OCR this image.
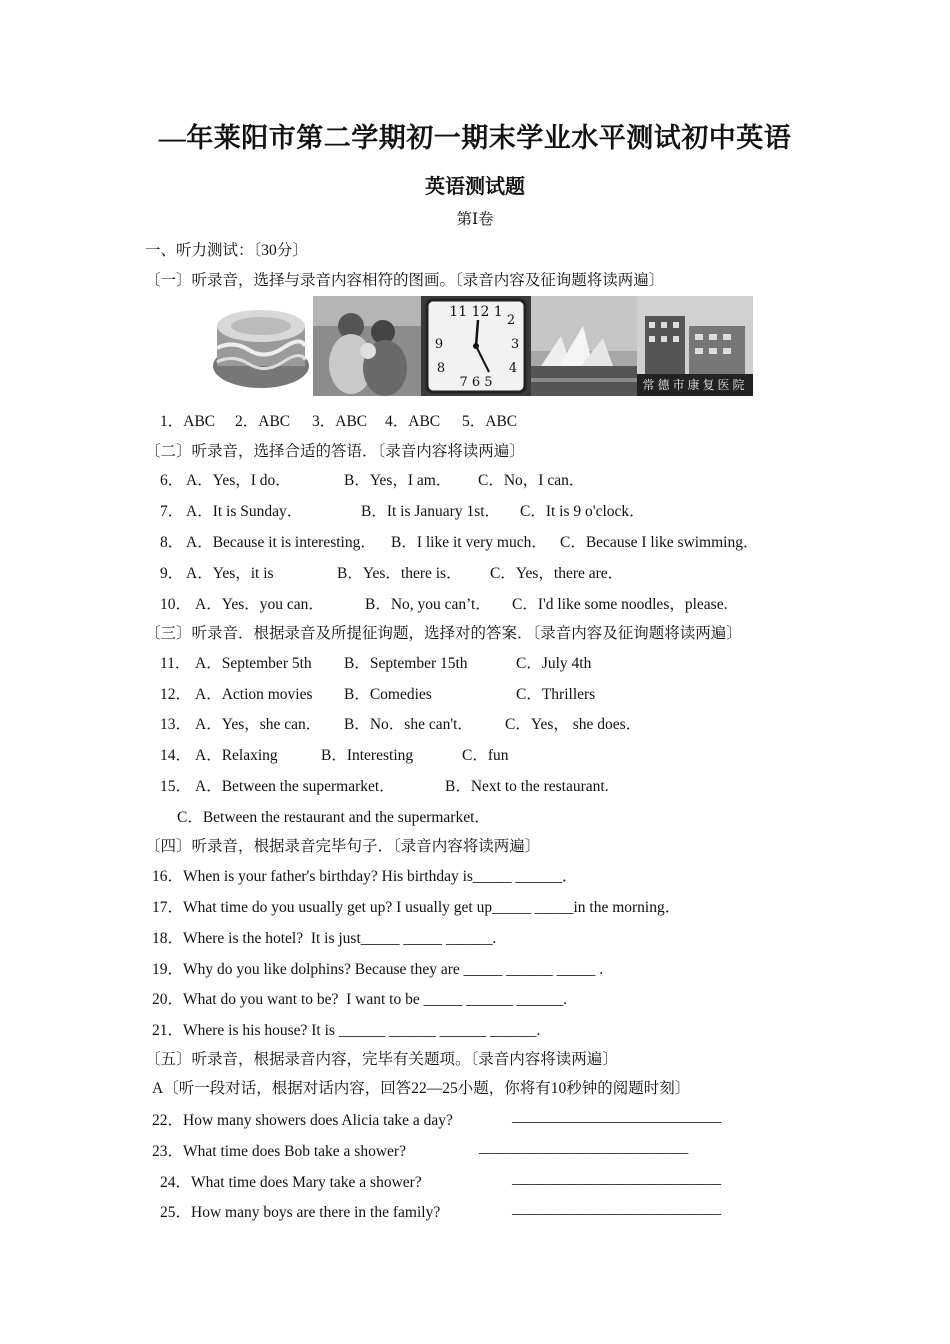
—年莱阳市第二学期初一期末学业水平测试初中英语
英语测试题
第Ⅰ卷
一、听力测试：〔30分〕
〔一〕听录音，选择与录音内容相符的图画。〔录音内容及征询题将读两遍〕
11 12 1
2
9	3
8	4
7 6 5	常德市康复医院
1．ABC 2．ABC 3．ABC 4．ABC 5．ABC
〔二〕听录音，选择合适的答语．〔录音内容将读两遍〕
6． A．Yes，I do．	B．Yes，I am． C．No，I can．
7． A．It is Sunday．	B．It is January 1st． C．It is 9 o'clock．
8． A．Because it is interesting． B．I like it very much． C．Because I like swimming．
9． A．Yes，it is	B．Yes．there is． C．Yes，there are．
10． A．Yes．you can．	B．No, you can’t． C．I'd like some noodles，please.
〔三〕听录音．根据录音及所提征询题，选择对的答案．〔录音内容及征询题将读两遍〕
11． A．September 5th B．September 15th	C．July 4th
12． A．Action movies B．Comedies	C．Thrillers
13． A．Yes，she can． B．No．she can't． C．Yes， she does．
14． A．Relaxing	B．Interesting	C．fun
15． A．Between the supermarket．	B．Next to the restaurant.
C．Between the restaurant and the supermarket．
〔四〕听录音，根据录音完毕句子．〔录音内容将读两遍〕
16．When is your father's birthday? His birthday is_____ ______．
17．What time do you usually get up? I usually get up_____ _____in the morning．
18．Where is the hotel?  It is just_____ _____ ______.
19．Why do you like dolphins? Because they are _____ ______ _____ .
20．What do you want to be?  I want to be _____ ______ ______.
21．Where is his house? It is ______ ______ ______ ______.
〔五〕听录音，根据录音内容，完毕有关题项。〔录音内容将读两遍〕
A〔听一段对话，根据对话内容，回答22—25小题，你将有10秒钟的阅题时刻〕
22．How many showers does Alicia take a day?	___________________________
23．What time does Bob take a shower?	___________________________
24．What time does Mary take a shower?	___________________________
25．How many boys are there in the family?	___________________________
